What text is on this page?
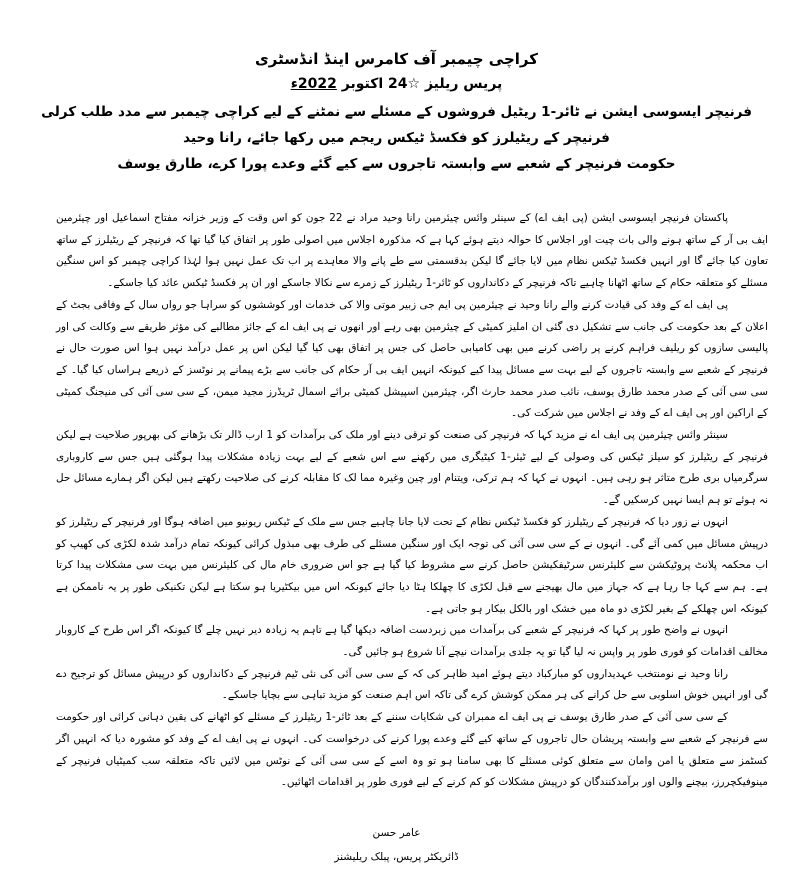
کراچی چیمبر آف کامرس اینڈ انڈسٹری
پریس ریلیز ☆24 اکتوبر 2022ء
فرنیچر ایسوسی ایشن نے ٹائر-1 ریٹیل فروشوں کے مسئلے سے نمٹنے کے لیے کراچی چیمبر سے مدد طلب کرلی
فرنیچر کے ریٹیلرز کو فکسڈ ٹیکس ریجم میں رکھا جائے، رانا وحید
حکومت فرنیچر کے شعبے سے وابستہ تاجروں سے کیے گئے وعدے پورا کرے، طارق یوسف

پاکستان فرنیچر ایسوسی ایشن (پی ایف اے) کے سینئر وائس چیئرمین رانا وحید مراد نے 22 جون کو اس وقت کے وزیر خزانہ مفتاح اسماعیل اور چیئرمین ایف بی آر کے ساتھ ہونے والی بات چیت اور اجلاس کا حوالہ دیتے ہوئے کہا ہے کہ مذکورہ اجلاس میں اصولی طور پر اتفاق کیا گیا تھا کہ فرنیچر کے ریٹیلرز کے ساتھ تعاون کیا جائے گا اور انہیں فکسڈ ٹیکس نظام میں لایا جائے گا لیکن بدقسمتی سے طے پانے والا معاہدے پر اب تک عمل نہیں ہوا لہٰذا کراچی چیمبر کو اس سنگین مسئلے کو متعلقہ حکام کے ساتھ اٹھانا چاہیے تاکہ فرنیچر کے دکانداروں کو ٹائر-1 ریٹیلرز کے زمرے سے نکالا جاسکے اور ان پر فکسڈ ٹیکس عائد کیا جاسکے۔

پی ایف اے کے وفد کی قیادت کرنے والے رانا وحید نے چیئرمین پی ایم جی زبیر موتی والا کی خدمات اور کوششوں کو سراہا جو رواں سال کے وفاقی بجٹ کے اعلان کے بعد حکومت کی جانب سے تشکیل دی گئی ان املیز کمیٹی کے چیئرمین بھی رہے اور انھوں نے پی ایف اے کے جائز مطالبے کی مؤثر طریقے سے وکالت کی اور پالیسی سازوں کو ریلیف فراہم کرنے پر راضی کرنے میں بھی کامیابی حاصل کی جس پر اتفاق بھی کیا گیا لیکن اس پر عمل درآمد نہیں ہوا اس صورت حال نے فرنیچر کے شعبے سے وابستہ تاجروں کے لیے بہت سے مسائل پیدا کیے کیونکہ انہیں ایف بی آر حکام کی جانب سے بڑے پیمانے پر نوٹسز کے ذریعے ہراساں کیا گیا۔ کے سی سی آئی کے صدر محمد طارق یوسف، نائب صدر محمد حارث اگر، چیئرمین اسپیشل کمیٹی برائے اسمال ٹریڈرز مجید میمن، کے سی سی آئی کی منیجنگ کمیٹی کے اراکین اور پی ایف اے کے وفد نے اجلاس میں شرکت کی۔

سینئر وائس چیئرمین پی ایف اے نے مزید کہا کہ فرنیچر کی صنعت کو ترقی دینے اور ملک کی برآمدات کو 1 ارب ڈالر تک بڑھانے کی بھرپور صلاحیت ہے لیکن فرنیچر کے ریٹیلرز کو سیلز ٹیکس کی وصولی کے لیے ٹیئر-1 کیٹیگری میں رکھنے سے اس شعبے کے لیے بہت زیادہ مشکلات پیدا ہوگئی ہیں جس سے کاروباری سرگرمیاں بری طرح متاثر ہو رہی ہیں۔ انہوں نے کہا کہ ہم ترکی، ویتنام اور چین وغیرہ مما لک کا مقابلہ کرنے کی صلاحیت رکھتے ہیں لیکن اگر ہمارے مسائل حل نہ ہوئے تو ہم ایسا نہیں کرسکیں گے۔

انہوں نے زور دیا کہ فرنیچر کے ریٹیلرز کو فکسڈ ٹیکس نظام کے تحت لایا جانا چاہیے جس سے ملک کے ٹیکس ریونیو میں اضافہ ہوگا اور فرنیچر کے ریٹیلرز کو درپیش مسائل میں کمی آئے گی۔ انہوں نے کے سی سی آئی کی توجہ ایک اور سنگین مسئلے کی طرف بھی مبذول کرائی کیونکہ تمام درآمد شدہ لکڑی کی کھیپ کو اب محکمہ پلانٹ پروٹیکشن سے کلیئرنس سرٹیفکیشن حاصل کرنے سے مشروط کیا گیا ہے جو اس ضروری خام مال کی کلیئرنس میں بہت سی مشکلات پیدا کرتا ہے۔ ہم سے کہا جا رہا ہے کہ جہاز میں مال بھیجنے سے قبل لکڑی کا چھلکا ہٹا دیا جائے کیونکہ اس میں بیکٹیریا ہو سکتا ہے لیکن تکنیکی طور پر یہ ناممکن ہے کیونکہ اس چھلکے کے بغیر لکڑی دو ماہ میں خشک اور بالکل بیکار ہو جاتی ہے۔

انہوں نے واضح طور پر کہا کہ فرنیچر کے شعبے کی برآمدات میں زبردست اضافہ دیکھا گیا ہے تاہم یہ زیادہ دیر نہیں چلے گا کیونکہ اگر اس طرح کے کاروبار مخالف اقدامات کو فوری طور پر واپس نہ لیا گیا تو یہ جلدی برآمدات نیچے آنا شروع ہو جائیں گی۔

رانا وحید نے نومنتخب عہدیداروں کو مبارکباد دیتے ہوئے امید ظاہر کی کہ کے سی سی آئی کی نئی ٹیم فرنیچر کے دکانداروں کو درپیش مسائل کو ترجیح دے گی اور انہیں خوش اسلوبی سے حل کرانے کی ہر ممکن کوشش کرے گی تاکہ اس اہم صنعت کو مزید تباہی سے بچایا جاسکے۔

کے سی سی آئی کے صدر طارق یوسف نے پی ایف اے ممبران کی شکایات سننے کے بعد ٹائر-1 ریٹیلرز کے مسئلے کو اٹھانے کی یقین دہانی کرائی اور حکومت سے فرنیچر کے شعبے سے وابستہ پریشان حال تاجروں کے ساتھ کیے گئے وعدے پورا کرنے کی درخواست کی۔ انہوں نے پی ایف اے کے وفد کو مشورہ دیا کہ انہیں اگر کسٹمز سے متعلق یا امن وامان سے متعلق کوئی مسئلے کا بھی سامنا ہو تو وہ اسے کے سی سی آئی کے نوٹس میں لائیں تاکہ متعلقہ سب کمیٹیاں فرنیچر کے مینوفیکچررز، بیچنے والوں اور برآمدکنندگان کو درپیش مشکلات کو کم کرنے کے لیے فوری طور پر اقدامات اٹھائیں۔

عامر حسن
ڈائریکٹر پریس، پبلک ریلیشنز
